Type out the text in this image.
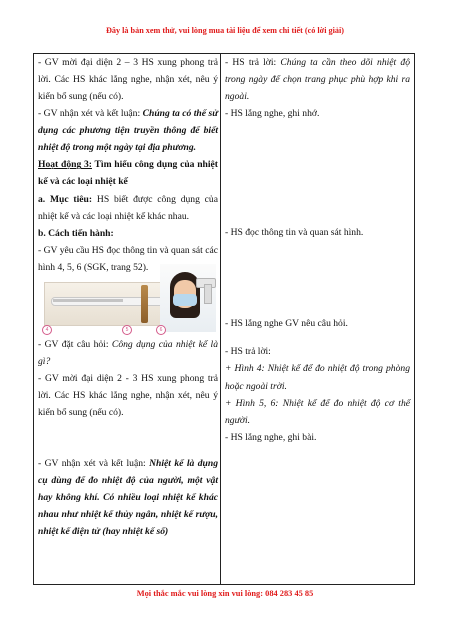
Đây là bản xem thử, vui lòng mua tài liệu để xem chi tiết (có lời giải)

- GV mời đại diện 2 – 3 HS xung phong trả lời. Các HS khác lắng nghe, nhận xét, nêu ý kiến bổ sung (nếu có).

- GV nhận xét và kết luận: Chúng ta có thể sử dụng các phương tiện truyền thông để biết nhiệt độ trong một ngày tại địa phương.

Hoạt động 3: Tìm hiểu công dụng của nhiệt kế và các loại nhiệt kế

a. Mục tiêu: HS biết được công dụng của nhiệt kế và các loại nhiệt kế khác nhau.

b. Cách tiến hành:

- GV yêu cầu HS đọc thông tin và quan sát các hình 4, 5, 6 (SGK, trang 52).

4	5	6

- GV đặt câu hỏi: Công dụng của nhiệt kế là gì?

- GV mời đại diện 2 - 3 HS xung phong trả lời. Các HS khác lắng nghe, nhận xét, nêu ý kiến bổ sung (nếu có).

- GV nhận xét và kết luận: Nhiệt kế là dụng cụ dùng để đo nhiệt độ của người, một vật hay không khí. Có nhiều loại nhiệt kế khác nhau như nhiệt kế thủy ngân, nhiệt kế rượu, nhiệt kế điện tử (hay nhiệt kế số)

- HS trả lời: Chúng ta cần theo dõi nhiệt độ trong ngày để chọn trang phục phù hợp khi ra ngoài.

- HS lắng nghe, ghi nhớ.

- HS đọc thông tin và quan sát hình.

- HS lắng nghe GV nêu câu hỏi.

- HS trả lời:

+ Hình 4: Nhiệt kế để đo nhiệt độ trong phòng hoặc ngoài trời.

+ Hình 5, 6: Nhiệt kế để đo nhiệt độ cơ thể người.

- HS lắng nghe, ghi bài.

Mọi thắc mắc vui lòng xin vui lòng: 084 283 45 85
